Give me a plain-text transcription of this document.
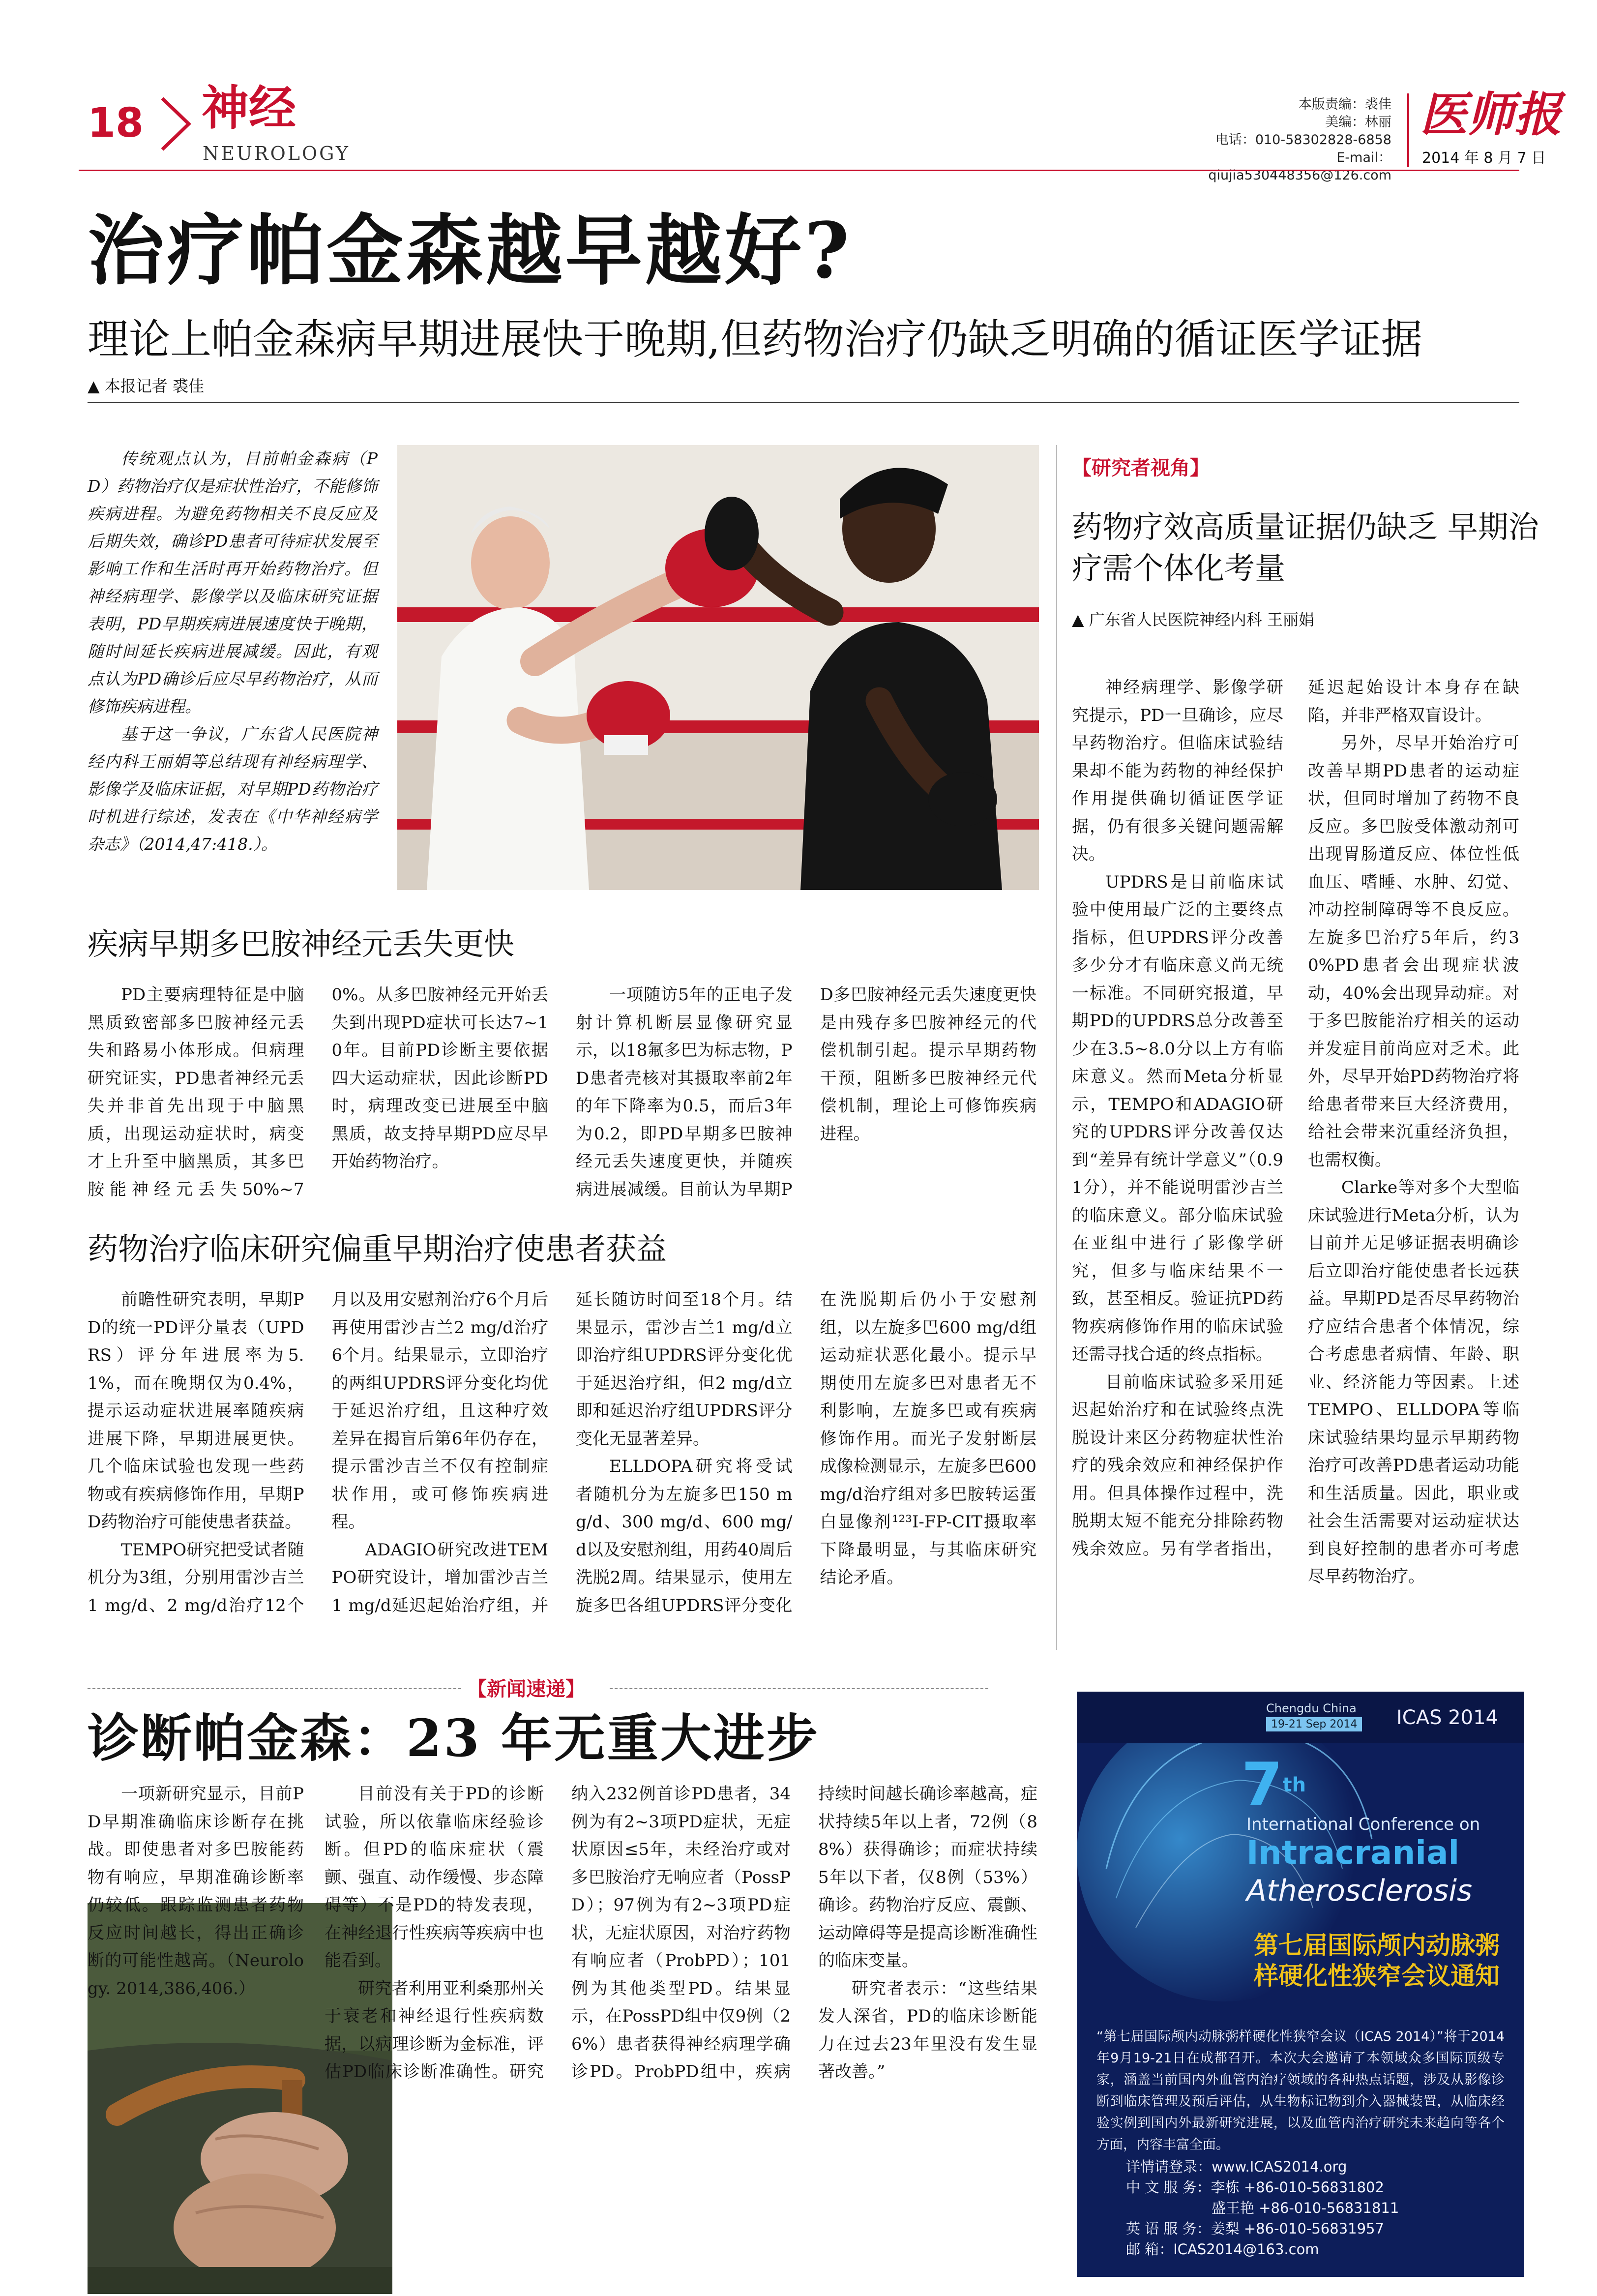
18 神经
NEUROLOGY
本版责编：裘佳
美编：林丽
电话：010-58302828-6858
E-mail：qiujia530448356@126.com
医师报
2014 年 8 月 7 日
治疗帕金森越早越好?
理论上帕金森病早期进展快于晚期,但药物治疗仍缺乏明确的循证医学证据
▲ 本报记者 裘佳

传统观点认为，目前帕金森病（PD）药物治疗仅是症状性治疗，不能修饰疾病进程。为避免药物相关不良反应及后期失效，确诊PD患者可待症状发展至影响工作和生活时再开始药物治疗。但神经病理学、影像学以及临床研究证据表明，PD早期疾病进展速度快于晚期，随时间延长疾病进展减缓。因此，有观点认为PD确诊后应尽早药物治疗，从而修饰疾病进程。

基于这一争议，广东省人民医院神经内科王丽娟等总结现有神经病理学、影像学及临床证据，对早期PD药物治疗时机进行综述，发表在《中华神经病学杂志》（2014,47:418.）。

疾病早期多巴胺神经元丢失更快

PD主要病理特征是中脑黑质致密部多巴胺神经元丢失和路易小体形成。但病理研究证实，PD患者神经元丢失并非首先出现于中脑黑质，出现运动症状时，病变才上升至中脑黑质，其多巴胺能神经元丢失50%~70%。从多巴胺神经元开始丢失到出现PD症状可长达7~10年。目前PD诊断主要依据四大运动症状，因此诊断PD时，病理改变已进展至中脑黑质，故支持早期PD应尽早开始药物治疗。

一项随访5年的正电子发射计算机断层显像研究显示，以18氟多巴为标志物，PD患者壳核对其摄取率前2年的年下降率为0.5，而后3年为0.2，即PD早期多巴胺神经元丢失速度更快，并随疾病进展减缓。目前认为早期PD多巴胺神经元丢失速度更快是由残存多巴胺神经元的代偿机制引起。提示早期药物干预，阻断多巴胺神经元代偿机制，理论上可修饰疾病进程。

药物治疗临床研究偏重早期治疗使患者获益

前瞻性研究表明，早期PD的统一PD评分量表（UPDRS）评分年进展率为5.1%，而在晚期仅为0.4%，提示运动症状进展率随疾病进展下降，早期进展更快。几个临床试验也发现一些药物或有疾病修饰作用，早期PD药物治疗可能使患者获益。

TEMPO研究把受试者随机分为3组，分别用雷沙吉兰1 mg/d、2 mg/d治疗12个月以及用安慰剂治疗6个月后再使用雷沙吉兰2 mg/d治疗6个月。结果显示，立即治疗的两组UPDRS评分变化均优于延迟治疗组，且这种疗效差异在揭盲后第6年仍存在，提示雷沙吉兰不仅有控制症状作用，或可修饰疾病进程。

ADAGIO研究改进TEMPO研究设计，增加雷沙吉兰1 mg/d延迟起始治疗组，并延长随访时间至18个月。结果显示，雷沙吉兰1 mg/d立即治疗组UPDRS评分变化优于延迟治疗组，但2 mg/d立即和延迟治疗组UPDRS评分变化无显著差异。

ELLDOPA研究将受试者随机分为左旋多巴150 mg/d、300 mg/d、600 mg/d以及安慰剂组，用药40周后洗脱2周。结果显示，使用左旋多巴各组UPDRS评分变化在洗脱期后仍小于安慰剂组，以左旋多巴600 mg/d组运动症状恶化最小。提示早期使用左旋多巴对患者无不利影响，左旋多巴或有疾病修饰作用。而光子发射断层成像检测显示，左旋多巴600 mg/d治疗组对多巴胺转运蛋白显像剂¹²³I-FP-CIT摄取率下降最明显，与其临床研究结论矛盾。

【研究者视角】
药物疗效高质量证据仍缺乏 早期治疗需个体化考量
▲ 广东省人民医院神经内科 王丽娟

神经病理学、影像学研究提示，PD一旦确诊，应尽早药物治疗。但临床试验结果却不能为药物的神经保护作用提供确切循证医学证据，仍有很多关键问题需解决。

UPDRS是目前临床试验中使用最广泛的主要终点指标，但UPDRS评分改善多少分才有临床意义尚无统一标准。不同研究报道，早期PD的UPDRS总分改善至少在3.5~8.0分以上方有临床意义。然而Meta分析显示，TEMPO和ADAGIO研究的UPDRS评分改善仅达到“差异有统计学意义”（0.91分），并不能说明雷沙吉兰的临床意义。部分临床试验在亚组中进行了影像学研究，但多与临床结果不一致，甚至相反。验证抗PD药物疾病修饰作用的临床试验还需寻找合适的终点指标。

目前临床试验多采用延迟起始治疗和在试验终点洗脱设计来区分药物症状性治疗的残余效应和神经保护作用。但具体操作过程中，洗脱期太短不能充分排除药物残余效应。另有学者指出，延迟起始设计本身存在缺陷，并非严格双盲设计。

另外，尽早开始治疗可改善早期PD患者的运动症状，但同时增加了药物不良反应。多巴胺受体激动剂可出现胃肠道反应、体位性低血压、嗜睡、水肿、幻觉、冲动控制障碍等不良反应。左旋多巴治疗5年后，约30%PD患者会出现症状波动，40%会出现异动症。对于多巴胺能治疗相关的运动并发症目前尚应对乏术。此外，尽早开始PD药物治疗将给患者带来巨大经济费用，给社会带来沉重经济负担，也需权衡。

Clarke等对多个大型临床试验进行Meta分析，认为目前并无足够证据表明确诊后立即治疗能使患者长远获益。早期PD是否尽早药物治疗应结合患者个体情况，综合考虑患者病情、年龄、职业、经济能力等因素。上述TEMPO、ELLDOPA等临床试验结果均显示早期药物治疗可改善PD患者运动功能和生活质量。因此，职业或社会生活需要对运动症状达到良好控制的患者亦可考虑尽早药物治疗。

【新闻速递】
诊断帕金森：23 年无重大进步

一项新研究显示，目前PD早期准确临床诊断存在挑战。即使患者对多巴胺能药物有响应，早期准确诊断率仍较低。跟踪监测患者药物反应时间越长，得出正确诊断的可能性越高。（Neurology. 2014,386,406.）

目前没有关于PD的诊断试验，所以依靠临床经验诊断。但PD的临床症状（震颤、强直、动作缓慢、步态障碍等）不是PD的特发表现，在神经退行性疾病等疾病中也能看到。

研究者利用亚利桑那州关于衰老和神经退行性疾病数据，以病理诊断为金标准，评估PD临床诊断准确性。研究纳入232例首诊PD患者，34例为有2~3项PD症状，无症状原因≤5年，未经治疗或对多巴胺治疗无响应者（PossPD）；97例为有2~3项PD症状，无症状原因，对治疗药物有响应者（ProbPD）；101例为其他类型PD。结果显示，在PossPD组中仅9例（26%）患者获得神经病理学确诊PD。ProbPD组中，疾病持续时间越长确诊率越高，症状持续5年以上者，72例（88%）获得确诊；而症状持续5年以下者，仅8例（53%）确诊。药物治疗反应、震颤、运动障碍等是提高诊断准确性的临床变量。

研究者表示：“这些结果发人深省，PD的临床诊断能力在过去23年里没有发生显著改善。”

Chengdu China
19-21 Sep 2014 ICAS 2014
7th
International Conference on
Intracranial
Atherosclerosis
第七届国际颅内动脉粥
样硬化性狭窄会议通知
“第七届国际颅内动脉粥样硬化性狭窄会议（ICAS 2014）”将于2014年9月19-21日在成都召开。本次大会邀请了本领域众多国际顶级专家，涵盖当前国内外血管内治疗领域的各种热点话题，涉及从影像诊断到临床管理及预后评估，从生物标记物到介入器械装置，从临床经验实例到国内外最新研究进展，以及血管内治疗研究未来趋向等各个方面，内容丰富全面。
详情请登录：www.ICAS2014.org
中 文 服 务：李栋 +86-010-56831802
盛王艳 +86-010-56831811
英 语 服 务：姜梨 +86-010-56831957
邮 箱：ICAS2014@163.com
